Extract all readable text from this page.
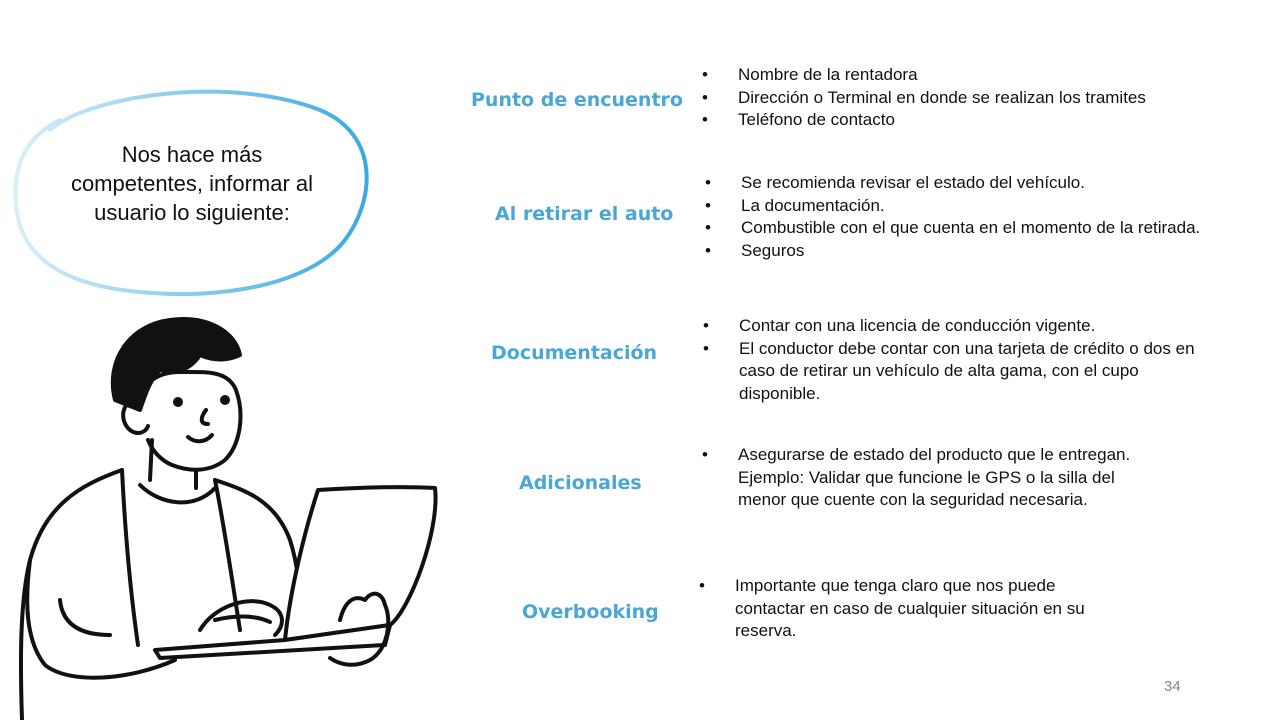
Nos hace más competentes, informar al usuario lo siguiente:
Punto de encuentro
• Nombre de la rentadora
• Dirección o Terminal en donde se realizan los tramites
• Teléfono de contacto
Al retirar el auto
• Se recomienda revisar el estado del vehículo.
• La documentación.
• Combustible con el que cuenta en el momento de la retirada.
• Seguros
Documentación
• Contar con una licencia de conducción vigente.
• El conductor debe contar con una tarjeta de crédito o dos en caso de retirar un vehículo de alta gama, con el cupo disponible.
Adicionales
• Asegurarse de estado del producto que le entregan. Ejemplo: Validar que funcione le GPS o la silla del menor que cuente con la seguridad necesaria.
Overbooking
• Importante que tenga claro que nos puede contactar en caso de cualquier situación en su reserva.
34
